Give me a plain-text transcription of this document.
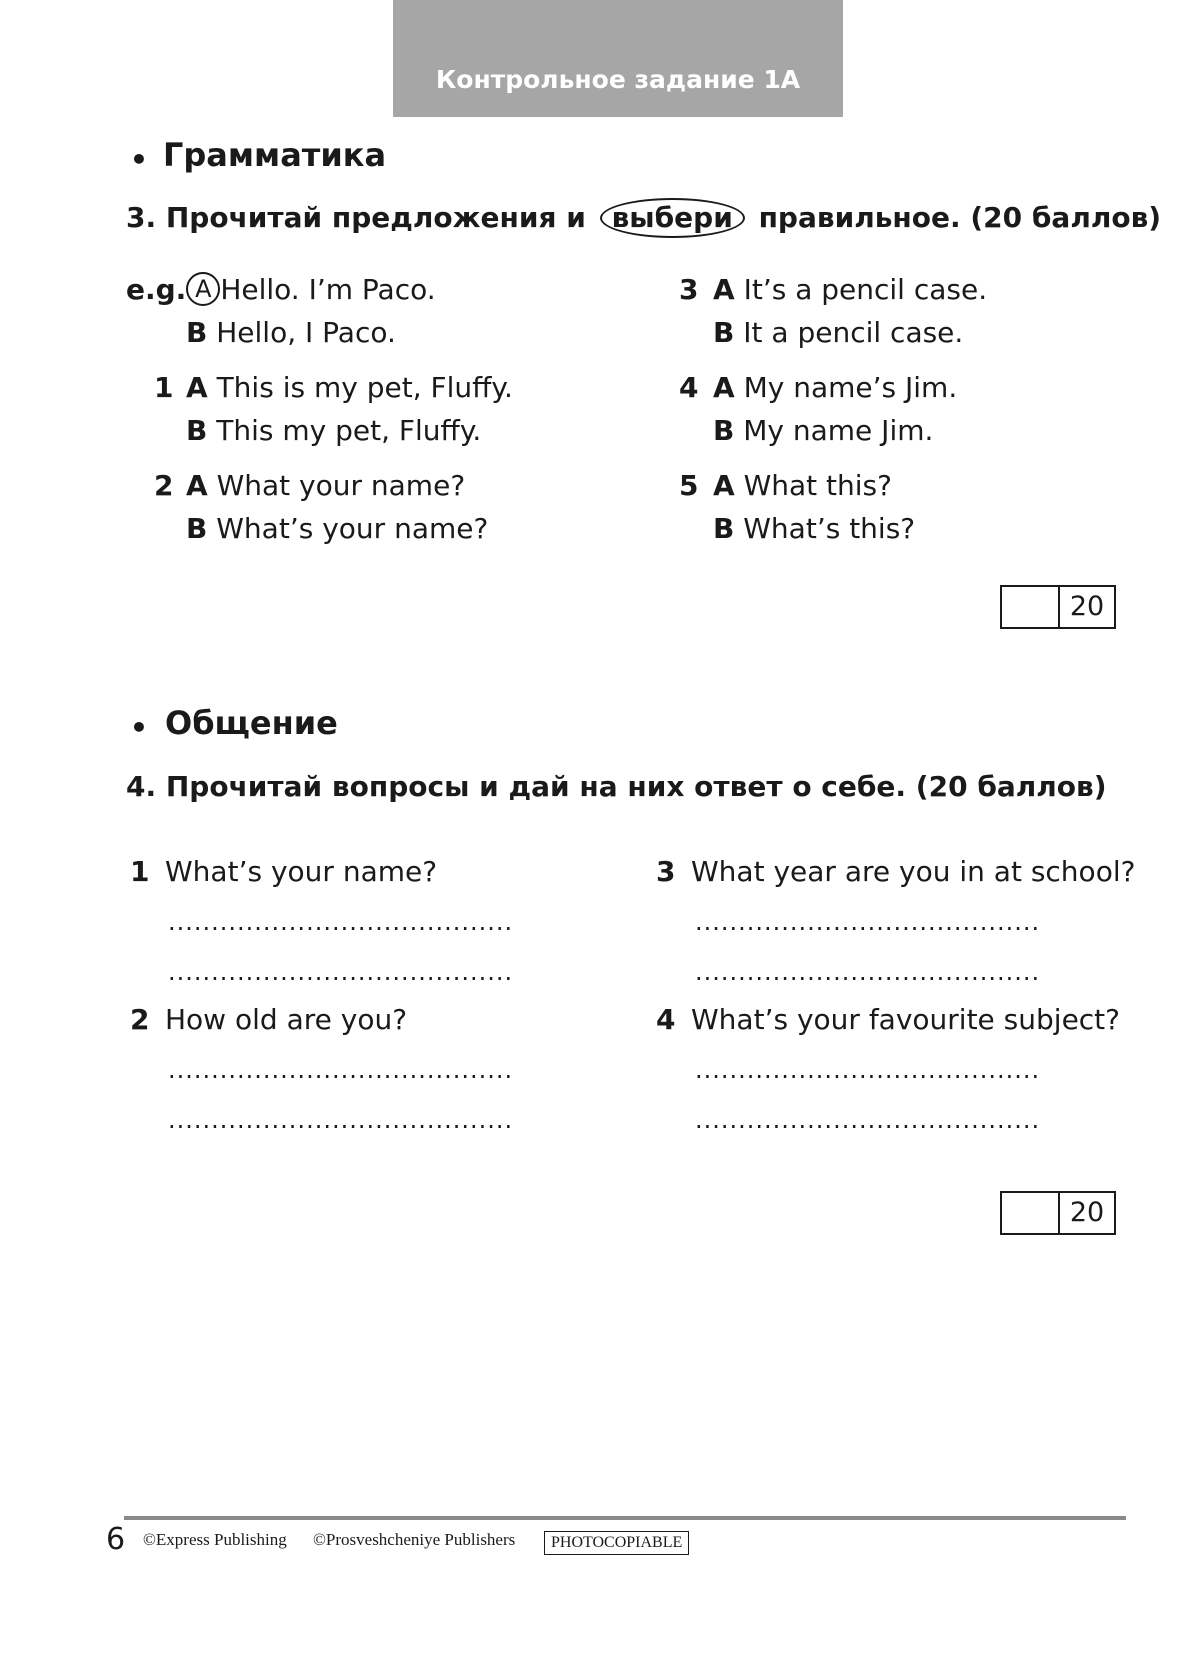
Контрольное задание 1A
• Грамматика
3. Прочитай предложения и выбери правильное. (20 баллов)
e.g. A Hello. I’m Paco.
B Hello, I Paco.
1 A This is my pet, Fluffy.
B This my pet, Fluffy.
2 A What your name?
B What’s your name?
3 A It’s a pencil case.
B It a pencil case.
4 A My name’s Jim.
B My name Jim.
5 A What this?
B What’s this?
20
• Общение
4. Прочитай вопросы и дай на них ответ о себе. (20 баллов)
1 What’s your name?
........................................
........................................
2 How old are you?
........................................
........................................
3 What year are you in at school?
........................................
........................................
4 What’s your favourite subject?
........................................
........................................
20
6 ©Express Publishing ©Prosveshcheniye Publishers	PHOTOCOPIABLE
